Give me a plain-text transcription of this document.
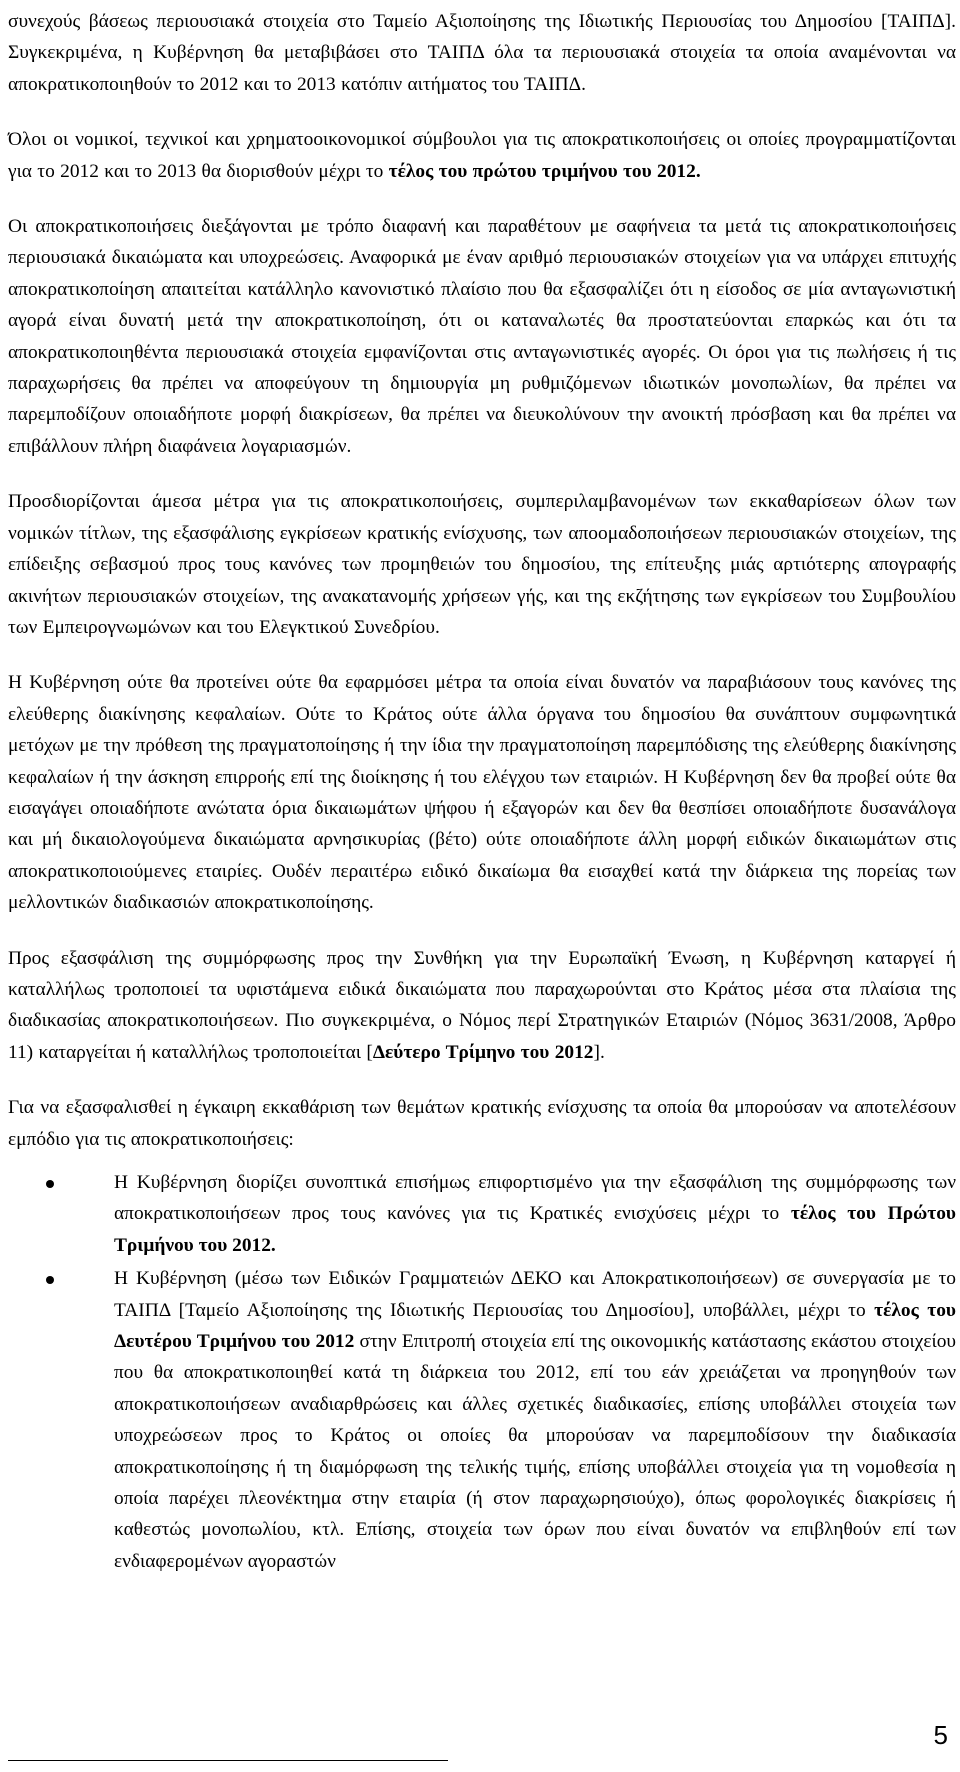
συνεχούς βάσεως περιουσιακά στοιχεία στο Ταμείο Αξιοποίησης της Ιδιωτικής Περιουσίας του Δημοσίου [ΤΑΙΠΔ]. Συγκεκριμένα, η Κυβέρνηση θα μεταβιβάσει στο ΤΑΙΠΔ όλα τα περιουσιακά στοιχεία τα οποία αναμένονται να αποκρατικοποιηθούν το 2012 και το 2013 κατόπιν αιτήματος του ΤΑΙΠΔ.

Όλοι οι νομικοί, τεχνικοί και χρηματοοικονομικοί σύμβουλοι για τις αποκρατικοποιήσεις οι οποίες προγραμματίζονται για το 2012 και το 2013 θα διορισθούν μέχρι το τέλος του πρώτου τριμήνου του 2012.

Οι αποκρατικοποιήσεις διεξάγονται με τρόπο διαφανή και παραθέτουν με σαφήνεια τα μετά τις αποκρατικοποιήσεις περιουσιακά δικαιώματα και υποχρεώσεις. Αναφορικά με έναν αριθμό περιουσιακών στοιχείων για να υπάρχει επιτυχής αποκρατικοποίηση απαιτείται κατάλληλο κανονιστικό πλαίσιο που θα εξασφαλίζει ότι η είσοδος σε μία ανταγωνιστική αγορά είναι δυνατή μετά την αποκρατικοποίηση, ότι οι καταναλωτές θα προστατεύονται επαρκώς και ότι τα αποκρατικοποιηθέντα περιουσιακά στοιχεία εμφανίζονται στις ανταγωνιστικές αγορές. Οι όροι για τις πωλήσεις ή τις παραχωρήσεις θα πρέπει να αποφεύγουν τη δημιουργία μη ρυθμιζόμενων ιδιωτικών μονοπωλίων, θα πρέπει να παρεμποδίζουν οποιαδήποτε μορφή διακρίσεων, θα πρέπει να διευκολύνουν την ανοικτή πρόσβαση και θα πρέπει να επιβάλλουν πλήρη διαφάνεια λογαριασμών.

Προσδιορίζονται άμεσα μέτρα για τις αποκρατικοποιήσεις, συμπεριλαμβανομένων των εκκαθαρίσεων όλων των νομικών τίτλων, της εξασφάλισης εγκρίσεων κρατικής ενίσχυσης, των αποομαδοποιήσεων περιουσιακών στοιχείων, της επίδειξης σεβασμού προς τους κανόνες των προμηθειών του δημοσίου, της επίτευξης μιάς αρτιότερης απογραφής ακινήτων περιουσιακών στοιχείων, της ανακατανομής χρήσεων γής, και της εκζήτησης των εγκρίσεων του Συμβουλίου των Εμπειρογνωμώνων και του Ελεγκτικού Συνεδρίου.

Η Κυβέρνηση ούτε θα προτείνει ούτε θα εφαρμόσει μέτρα τα οποία είναι δυνατόν να παραβιάσουν τους κανόνες της ελεύθερης διακίνησης κεφαλαίων. Ούτε το Κράτος ούτε άλλα όργανα του δημοσίου θα συνάπτουν συμφωνητικά μετόχων με την πρόθεση της πραγματοποίησης ή την ίδια την πραγματοποίηση παρεμπόδισης της ελεύθερης διακίνησης κεφαλαίων ή την άσκηση επιρροής επί της διοίκησης ή του ελέγχου των εταιριών. Η Κυβέρνηση δεν θα προβεί ούτε θα εισαγάγει οποιαδήποτε ανώτατα όρια δικαιωμάτων ψήφου ή εξαγορών και δεν θα θεσπίσει οποιαδήποτε δυσανάλογα και μή δικαιολογούμενα δικαιώματα αρνησικυρίας (βέτο) ούτε οποιαδήποτε άλλη μορφή ειδικών δικαιωμάτων στις αποκρατικοποιούμενες εταιρίες. Ουδέν περαιτέρω ειδικό δικαίωμα θα εισαχθεί κατά την διάρκεια της πορείας των μελλοντικών διαδικασιών αποκρατικοποίησης.

Προς εξασφάλιση της συμμόρφωσης προς την Συνθήκη για την Ευρωπαϊκή Ένωση, η Κυβέρνηση καταργεί ή καταλλήλως τροποποιεί τα υφιστάμενα ειδικά δικαιώματα που παραχωρούνται στο Κράτος μέσα στα πλαίσια της διαδικασίας αποκρατικοποιήσεων. Πιο συγκεκριμένα, ο Νόμος περί Στρατηγικών Εταιριών (Νόμος 3631/2008, Άρθρο 11) καταργείται ή καταλλήλως τροποποιείται [Δεύτερο Τρίμηνο του 2012].

Για να εξασφαλισθεί η έγκαιρη εκκαθάριση των θεμάτων κρατικής ενίσχυσης τα οποία θα μπορούσαν να αποτελέσουν εμπόδιο για τις αποκρατικοποιήσεις:

Η Κυβέρνηση διορίζει συνοπτικά επισήμως επιφορτισμένο για την εξασφάλιση της συμμόρφωσης των αποκρατικοποιήσεων προς τους κανόνες για τις Κρατικές ενισχύσεις μέχρι το τέλος του Πρώτου Τριμήνου του 2012.
Η Κυβέρνηση (μέσω των Ειδικών Γραμματειών ΔΕΚΟ και Αποκρατικοποιήσεων) σε συνεργασία με το ΤΑΙΠΔ [Ταμείο Αξιοποίησης της Ιδιωτικής Περιουσίας του Δημοσίου], υποβάλλει, μέχρι το τέλος του Δευτέρου Τριμήνου του 2012 στην Επιτροπή στοιχεία επί της οικονομικής κατάστασης εκάστου στοιχείου που θα αποκρατικοποιηθεί κατά τη διάρκεια του 2012, επί του εάν χρειάζεται να προηγηθούν των αποκρατικοποιήσεων αναδιαρθρώσεις και άλλες σχετικές διαδικασίες, επίσης υποβάλλει στοιχεία των υποχρεώσεων προς το Κράτος οι οποίες θα μπορούσαν να παρεμποδίσουν την διαδικασία αποκρατικοποίησης ή τη διαμόρφωση της τελικής τιμής, επίσης υποβάλλει στοιχεία για τη νομοθεσία η οποία παρέχει πλεονέκτημα στην εταιρία (ή στον παραχωρησιούχο), όπως φορολογικές διακρίσεις ή καθεστώς μονοπωλίου, κτλ. Επίσης, στοιχεία των όρων που είναι δυνατόν να επιβληθούν επί των ενδιαφερομένων αγοραστών
5
